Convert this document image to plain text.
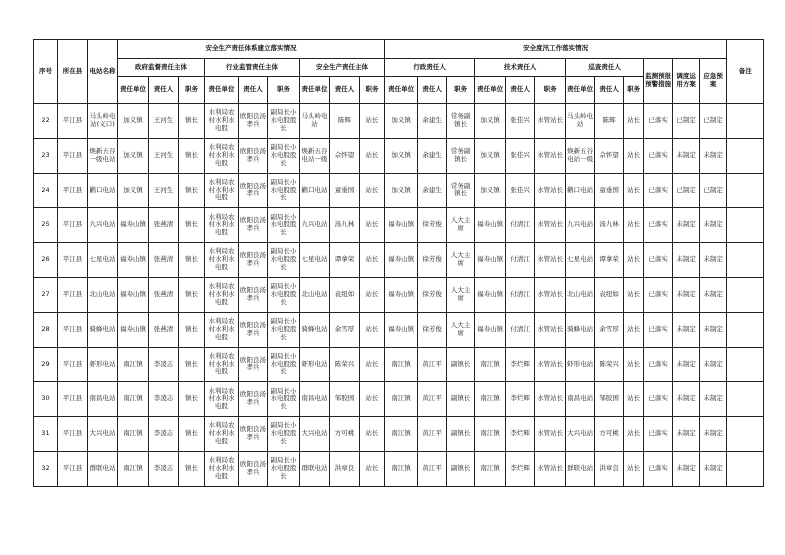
序号	所在县	电站名称	安全生产责任体系建立落实情况									安全度汛工作落实情况												备注
			政府监督责任主体			行业监管责任主体			安全生产责任主体			行政责任人			技术责任人			巡查责任人			监测预报预警措施	调度运用方案	应急预案	
			责任单位	责任人	职务	责任单位	责任人	职务	责任单位	责任人	职务	责任单位	责任人	职务	责任单位	责任人	职务	责任单位	责任人	职务				
22	平江县	马头岭电站(义口)	加义镇	王河生	镇长	水利局农村水利水电股	欧阳良汤孝兵	副局长小水电股股长	马头岭电站	陈辉	站长	加义镇	余建生	常务副镇长	加义镇	张佳兴	水管站长	马头岭电站	陈辉	站长	已落实	已制定	已制定	
23	平江县	焕新五谷一级电站	加义镇	王河生	镇长	水利局农村水利水电股	欧阳良汤孝兵	副局长小水电股股长	焕新五谷电站一级	佘怀望	站长	加义镇	余建生	常务副镇长	加义镇	张佳兴	水管站长	焕新五谷电站一级	佘怀望	站长	已落实	未制定	未制定	
24	平江县	鹳口电站	加义镇	王河生	镇长	水利局农村水利水电股	欧阳良汤孝兵	副局长小水电股股长	鹳口电站	童垂国	站长	加义镇	余建生	常务副镇长	加义镇	张佳兴	水管站长	鹳口电站	童垂国	站长	已落实	已制定	已制定	
25	平江县	九兴电站	福寿山镇	张燕清	镇长	水利局农村水利水电股	欧阳良汤孝兵	副局长小水电股股长	九兴电站	汤九林	站长	福寿山镇	徐芳俊	人大主席	福寿山镇	付清江	水管站长	九兴电站	汤九林	站长	已落实	未制定	未制定	
26	平江县	七星电站	福寿山镇	张燕清	镇长	水利局农村水利水电股	欧阳良汤孝兵	副局长小水电股股长	七星电站	谭拿荣	站长	福寿山镇	徐芳俊	人大主席	福寿山镇	付清江	水管站长	七星电站	谭拿荣	站长	已落实	未制定	未制定	
27	平江县	北山电站	福寿山镇	张燕清	镇长	水利局农村水利水电股	欧阳良汤孝兵	副局长小水电股股长	北山电站	袁纽如	站长	福寿山镇	徐芳俊	人大主席	福寿山镇	付清江	水管站长	北山电站	袁纽如	站长	已落实	未制定	未制定	
28	平江县	骑蜂电站	福寿山镇	张燕清	镇长	水利局农村水利水电股	欧阳良汤孝兵	副局长小水电股股长	骑蜂电站	余雪厚	站长	福寿山镇	徐芳俊	人大主席	福寿山镇	付清江	水管站长	骑蜂电站	余雪厚	站长	已落实	未制定	未制定	
29	平江县	虾形电站	南江镇	李凌志	镇长	水利局农村水利水电股	欧阳良汤孝兵	副局长小水电股股长	虾形电站	陈荣兴	站长	南江镇	黄江平	副镇长	南江镇	李烂辉	水管站长	虾形电站	陈荣兴	站长	已落实	未制定	未制定	
30	平江县	南昌电站	南江镇	李凌志	镇长	水利局农村水利水电股	欧阳良汤孝兵	副局长小水电股股长	南昌电站	邹胶国	站长	南江镇	黄江平	副镇长	南江镇	李烂辉	水管站长	南昌电站	邹胶国	站长	已落实	未制定	未制定	
31	平江县	大兴电站	南江镇	李凌志	镇长	水利局农村水利水电股	欧阳良汤孝兵	副局长小水电股股长	大兴电站	方可桃	站长	南江镇	黄江平	副镇长	南江镇	李烂辉	水管站长	大兴电站	方可桃	站长	已落实	未制定	未制定	
32	平江县	群联电站	南江镇	李凌志	镇长	水利局农村水利水电股	欧阳良汤孝兵	副局长小水电股股长	群联电站	洪章良	站长	南江镇	黄江平	副镇长	南江镇	李烂辉	水管站长	群联电站	洪章良	站长	已落实	未制定	未制定	
